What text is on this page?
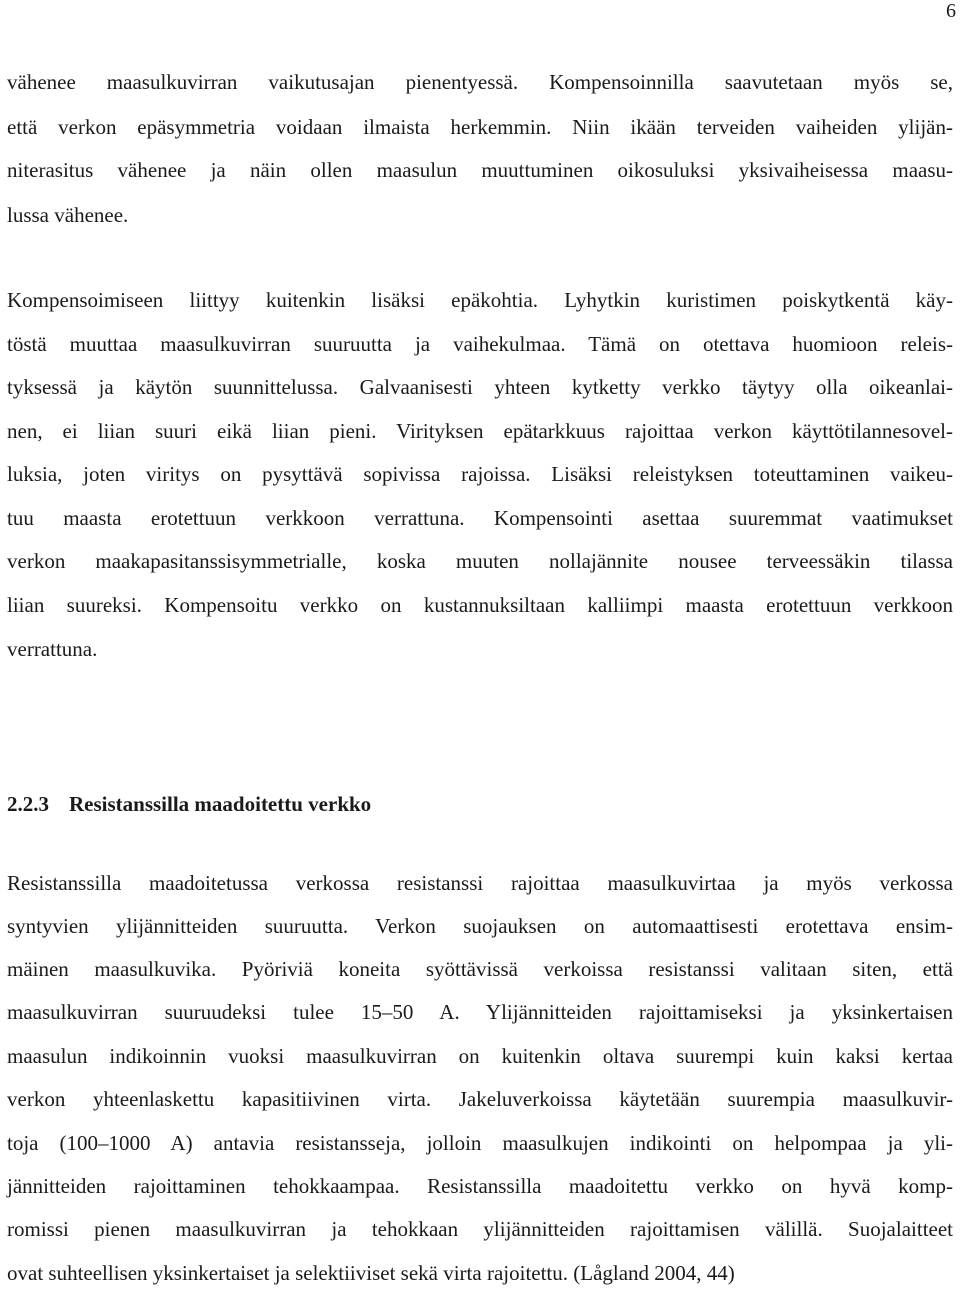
6
vähenee maasulkuvirran vaikutusajan pienentyessä. Kompensoinnilla saavutetaan myös se,
että verkon epäsymmetria voidaan ilmaista herkemmin. Niin ikään terveiden vaiheiden ylijän-
niterasitus vähenee ja näin ollen maasulun muuttuminen oikosuluksi yksivaiheisessa maasu-
lussa vähenee.
Kompensoimiseen liittyy kuitenkin lisäksi epäkohtia. Lyhytkin kuristimen poiskytkentä käy-
töstä muuttaa maasulkuvirran suuruutta ja vaihekulmaa. Tämä on otettava huomioon releis-
tyksessä ja käytön suunnittelussa. Galvaanisesti yhteen kytketty verkko täytyy olla oikeanlai-
nen, ei liian suuri eikä liian pieni. Virityksen epätarkkuus rajoittaa verkon käyttötilannesovel-
luksia, joten viritys on pysyttävä sopivissa rajoissa. Lisäksi releistyksen toteuttaminen vaikeu-
tuu maasta erotettuun verkkoon verrattuna. Kompensointi asettaa suuremmat vaatimukset
verkon maakapasitanssisymmetrialle, koska muuten nollajännite nousee terveessäkin tilassa
liian suureksi. Kompensoitu verkko on kustannuksiltaan kalliimpi maasta erotettuun verkkoon
verrattuna.
2.2.3 Resistanssilla maadoitettu verkko
Resistanssilla maadoitetussa verkossa resistanssi rajoittaa maasulkuvirtaa ja myös verkossa
syntyvien ylijännitteiden suuruutta. Verkon suojauksen on automaattisesti erotettava ensim-
mäinen maasulkuvika. Pyöriviä koneita syöttävissä verkoissa resistanssi valitaan siten, että
maasulkuvirran suuruudeksi tulee 15–50 A. Ylijännitteiden rajoittamiseksi ja yksinkertaisen
maasulun indikoinnin vuoksi maasulkuvirran on kuitenkin oltava suurempi kuin kaksi kertaa
verkon yhteenlaskettu kapasitiivinen virta. Jakeluverkoissa käytetään suurempia maasulkuvir-
toja (100–1000 A) antavia resistansseja, jolloin maasulkujen indikointi on helpompaa ja yli-
jännitteiden rajoittaminen tehokkaampaa. Resistanssilla maadoitettu verkko on hyvä komp-
romissi pienen maasulkuvirran ja tehokkaan ylijännitteiden rajoittamisen välillä. Suojalaitteet
ovat suhteellisen yksinkertaiset ja selektiiviset sekä virta rajoitettu. (Lågland 2004, 44)
